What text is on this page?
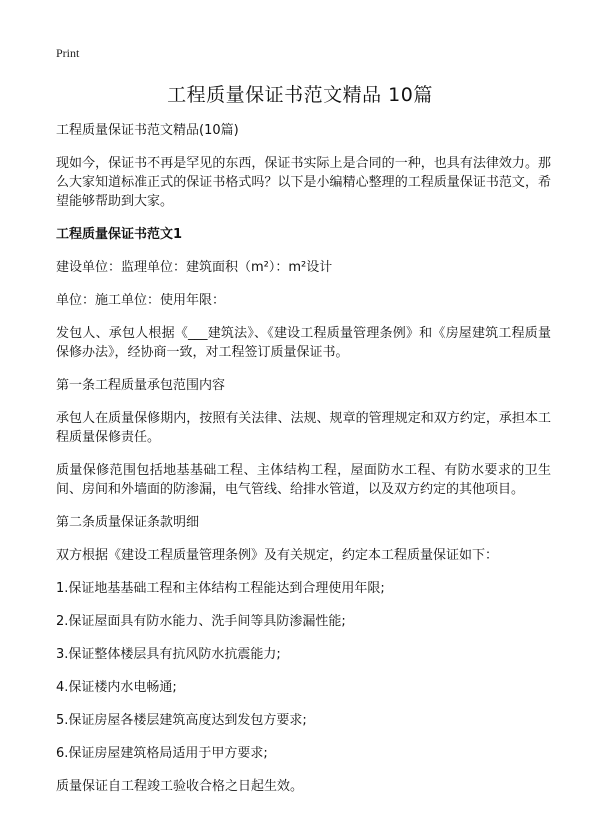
Print
工程质量保证书范文精品 10篇

工程质量保证书范文精品(10篇)

现如今，保证书不再是罕见的东西，保证书实际上是合同的一种，也具有法律效力。那么大家知道标准正式的保证书格式吗？以下是小编精心整理的工程质量保证书范文，希望能够帮助到大家。

工程质量保证书范文1

建设单位：监理单位：建筑面积（m²）：m²设计

单位：施工单位：使用年限：

发包人、承包人根据《___建筑法》、《建设工程质量管理条例》和《房屋建筑工程质量保修办法》，经协商一致，对工程签订质量保证书。

第一条工程质量承包范围内容

承包人在质量保修期内，按照有关法律、法规、规章的管理规定和双方约定，承担本工程质量保修责任。

质量保修范围包括地基基础工程、主体结构工程，屋面防水工程、有防水要求的卫生间、房间和外墙面的防渗漏，电气管线、给排水管道，以及双方约定的其他项目。

第二条质量保证条款明细

双方根据《建设工程质量管理条例》及有关规定，约定本工程质量保证如下：

1.保证地基基础工程和主体结构工程能达到合理使用年限;

2.保证屋面具有防水能力、洗手间等具防渗漏性能;

3.保证整体楼层具有抗风防水抗震能力;

4.保证楼内水电畅通;

5.保证房屋各楼层建筑高度达到发包方要求;

6.保证房屋建筑格局适用于甲方要求;

质量保证自工程竣工验收合格之日起生效。
